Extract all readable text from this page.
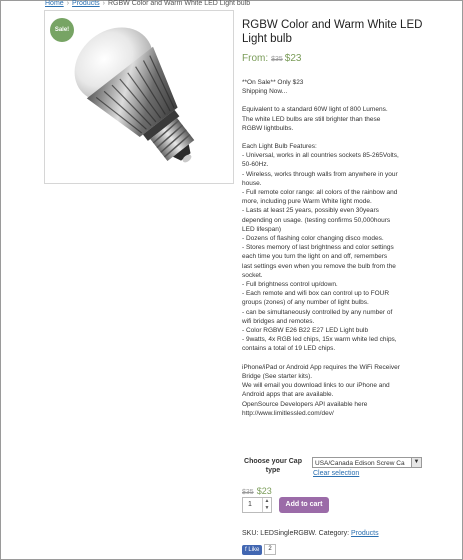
Home › Products › RGBW Color and Warm White LED Light bulb
Sale!	RGBW Color and Warm White LED Light bulb
From: $35 $23

**On Sale** Only $23

Shipping Now...

Equivalent to a standard 60W light of 800 Lumens.

The white LED bulbs are still brighter than these

RGBW lightbulbs.

Each Light Bulb Features:

- Universal, works in all countries sockets 85-265Volts,

50-60Hz.

- Wireless, works through walls from anywhere in your

house.

- Full remote color range: all colors of the rainbow and

more, including pure Warm White light mode.

- Lasts at least 25 years, possibly even 30years

depending on usage. (testing confirms 50,000hours

LED lifespan)

- Dozens of flashing color changing disco modes.

- Stores memory of last brightness and color settings

each time you turn the light on and off, remembers

last settings even when you remove the bulb from the

socket.

- Full brightness control up/down.

- Each remote and wifi box can control up to FOUR

groups (zones) of any number of light bulbs.

- can be simultaneously controlled by any number of

wifi bridges and remotes.

- Color RGBW E26 B22 E27 LED Light bulb

- 9watts, 4x RGB led chips, 15x warm white led chips,

contains a total of 19 LED chips.

iPhone/iPad or Android App requires the WiFi Receiver

Bridge (See starter kits).

We will email you download links to our iPhone and

Android apps that are available.

OpenSource Developers API available here

http://www.limitlessled.com/dev/

Choose your Cap type
USA/Canada Edison Screw Ca	▼
Clear selection
$35 $23
1	▲
▼	Add to cart
SKU: LEDSingleRGBW. Category: Products
f Like 2
